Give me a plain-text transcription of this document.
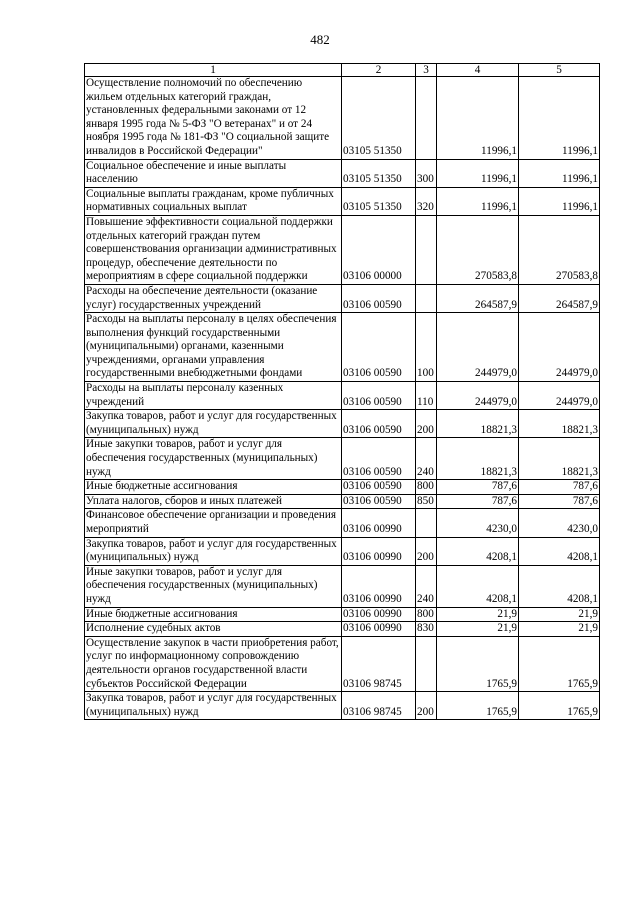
482
1	2	3	4	5
Осуществление полномочий по обеспечению жильем отдельных категорий граждан, установленных федеральными законами от 12 января 1995 года № 5-ФЗ "О ветеранах" и от 24 ноября 1995 года № 181-ФЗ "О социальной защите инвалидов в Российской Федерации"	03105 51350		11996,1	11996,1
Социальное обеспечение и иные выплаты населению	03105 51350	300	11996,1	11996,1
Социальные выплаты гражданам, кроме публичных нормативных социальных выплат	03105 51350	320	11996,1	11996,1
Повышение эффективности социальной поддержки отдельных категорий граждан путем совершенствования организации административных процедур, обеспечение деятельности по мероприятиям в сфере социальной поддержки	03106 00000		270583,8	270583,8
Расходы на обеспечение деятельности (оказание услуг) государственных учреждений	03106 00590		264587,9	264587,9
Расходы на выплаты персоналу в целях обеспечения выполнения функций государственными (муниципальными) органами, казенными учреждениями, органами управления государственными внебюджетными фондами	03106 00590	100	244979,0	244979,0
Расходы на выплаты персоналу казенных учреждений	03106 00590	110	244979,0	244979,0
Закупка товаров, работ и услуг для государственных (муниципальных) нужд	03106 00590	200	18821,3	18821,3
Иные закупки товаров, работ и услуг для обеспечения государственных (муниципальных) нужд	03106 00590	240	18821,3	18821,3
Иные бюджетные ассигнования	03106 00590	800	787,6	787,6
Уплата налогов, сборов и иных платежей	03106 00590	850	787,6	787,6
Финансовое обеспечение организации и проведения мероприятий	03106 00990		4230,0	4230,0
Закупка товаров, работ и услуг для государственных (муниципальных) нужд	03106 00990	200	4208,1	4208,1
Иные закупки товаров, работ и услуг для обеспечения государственных (муниципальных) нужд	03106 00990	240	4208,1	4208,1
Иные бюджетные ассигнования	03106 00990	800	21,9	21,9
Исполнение судебных актов	03106 00990	830	21,9	21,9
Осуществление закупок в части приобретения работ, услуг по информационному сопровождению деятельности органов государственной власти субъектов Российской Федерации	03106 98745		1765,9	1765,9
Закупка товаров, работ и услуг для государственных (муниципальных) нужд	03106 98745	200	1765,9	1765,9
